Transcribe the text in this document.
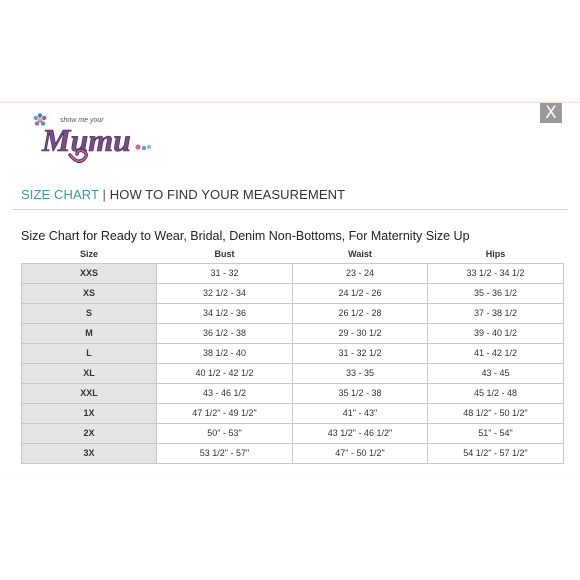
X
show me your
Mumu
SIZE CHART | HOW TO FIND YOUR MEASUREMENT
Size Chart for Ready to Wear, Bridal, Denim Non-Bottoms, For Maternity Size Up
Size	Bust	Waist	Hips
XXS	31 - 32	23 - 24	33 1/2 - 34 1/2
XS	32 1/2 - 34	24 1/2 - 26	35 - 36 1/2
S	34 1/2 - 36	26 1/2 - 28	37 - 38 1/2
M	36 1/2 - 38	29 - 30 1/2	39 - 40 1/2
L	38 1/2 - 40	31 - 32 1/2	41 - 42 1/2
XL	40 1/2 - 42 1/2	33 - 35	43 - 45
XXL	43 - 46 1/2	35 1/2 - 38	45 1/2 - 48
1X	47 1/2" - 49 1/2"	41" - 43"	48 1/2" - 50 1/2"
2X	50" - 53"	43 1/2" - 46 1/2"	51" - 54"
3X	53 1/2" - 57"	47" - 50 1/2"	54 1/2" - 57 1/2"
